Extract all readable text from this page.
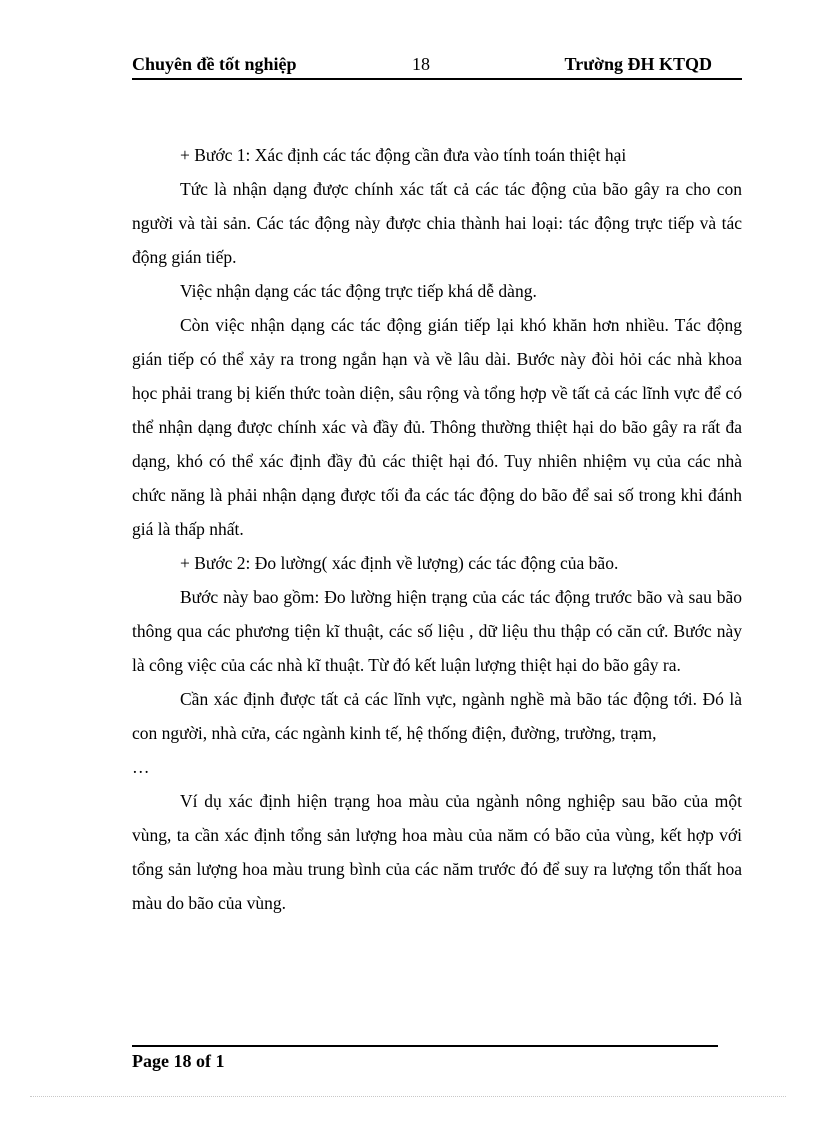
Chuyên đề tốt nghiệp	18	Trường ĐH KTQD

+ Bước 1: Xác định các tác động cần đưa vào tính toán thiệt hại

Tức là nhận dạng được chính xác tất cả các tác động của bão gây ra cho con người và tài sản. Các tác động này được chia thành hai loại: tác động trực tiếp và tác động gián tiếp.

Việc nhận dạng các tác động trực tiếp khá dễ dàng.

Còn việc nhận dạng các tác động gián tiếp lại khó khăn hơn nhiều. Tác động gián tiếp có thể xảy ra trong ngắn hạn và về lâu dài. Bước này đòi hỏi các nhà khoa học phải trang bị kiến thức toàn diện, sâu rộng và tổng hợp về tất cả các lĩnh vực để có thể nhận dạng được chính xác và đầy đủ. Thông thường thiệt hại do bão gây ra rất đa dạng, khó có thể xác định đầy đủ các thiệt hại đó. Tuy nhiên nhiệm vụ của các nhà chức năng là phải nhận dạng được tối đa các tác động do bão để sai số trong khi đánh giá là thấp nhất.

+ Bước 2: Đo lường( xác định về lượng) các tác động của bão.

Bước này bao gồm: Đo lường hiện trạng của các tác động trước bão và sau bão thông qua các phương tiện kĩ thuật, các số liệu , dữ liệu thu thập có căn cứ. Bước này là công việc của các nhà kĩ thuật. Từ đó kết luận lượng thiệt hại do bão gây ra.

Cần xác định được tất cả các lĩnh vực, ngành nghề mà bão tác động tới. Đó là con người, nhà cửa, các ngành kinh tế, hệ thống điện, đường, trường, trạm,

…

Ví dụ xác định hiện trạng hoa màu của ngành nông nghiệp sau bão của một vùng, ta cần xác định tổng sản lượng hoa màu của năm có bão của vùng, kết hợp với tổng sản lượng hoa màu trung bình của các năm trước đó để suy ra lượng tổn thất hoa màu do bão của vùng.

Page 18 of 1
